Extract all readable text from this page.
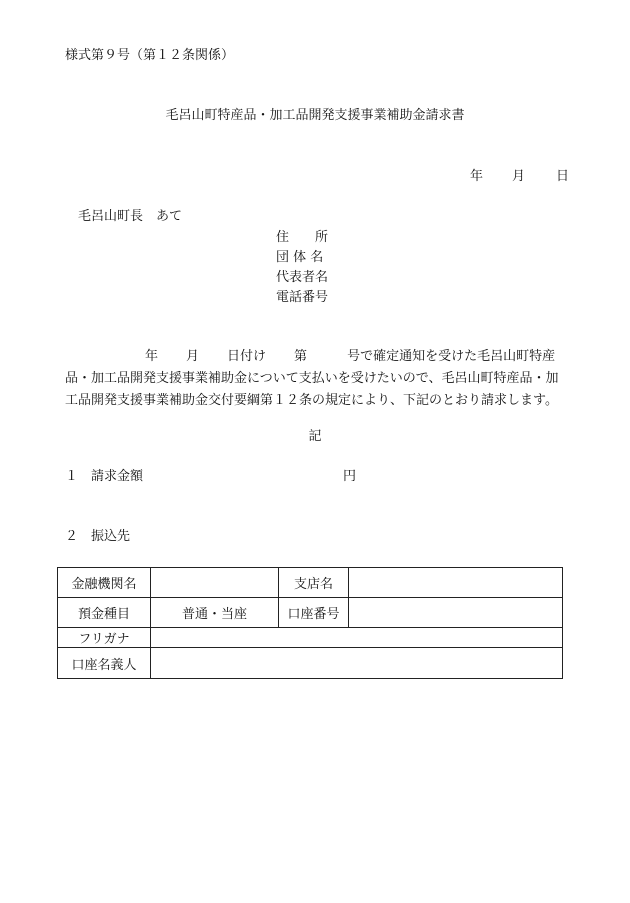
様式第９号（第１２条関係）
毛呂山町特産品・加工品開発支援事業補助金請求書
年 月 日
毛呂山町長　あて
住　　所
団 体 名
代表者名
電話番号
年 月 日付け 第	号で確定通知を受けた毛呂山町特産品・加工品開発支援事業補助金について支払いを受けたいので、毛呂山町特産品・加工品開発支援事業補助金交付要綱第１２条の規定により、下記のとおり請求します。
記
１　請求金額	円
２　振込先
金融機関名		支店名	
預金種目	普通・当座	口座番号	
フリガナ			
口座名義人			
